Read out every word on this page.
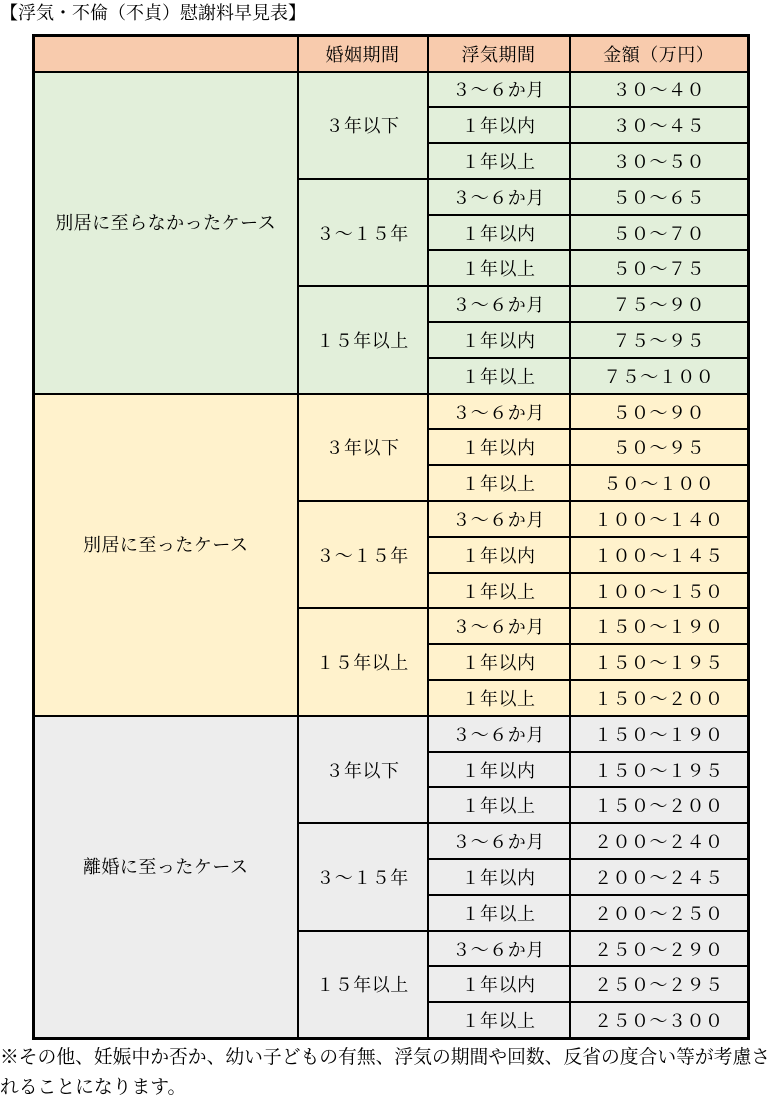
【浮気・不倫（不貞）慰謝料早見表】
	婚姻期間	浮気期間	金額（万円）
別居に至らなかったケース	３年以下	３～６か月	３０～４０
		１年以内	３０～４５
		１年以上	３０～５０
	３～１５年	３～６か月	５０～６５
		１年以内	５０～７０
		１年以上	５０～７５
	１５年以上	３～６か月	７５～９０
		１年以内	７５～９５
		１年以上	７５～１００
別居に至ったケース	３年以下	３～６か月	５０～９０
		１年以内	５０～９５
		１年以上	５０～１００
	３～１５年	３～６か月	１００～１４０
		１年以内	１００～１４５
		１年以上	１００～１５０
	１５年以上	３～６か月	１５０～１９０
		１年以内	１５０～１９５
		１年以上	１５０～２００
離婚に至ったケース	３年以下	３～６か月	１５０～１９０
		１年以内	１５０～１９５
		１年以上	１５０～２００
	３～１５年	３～６か月	２００～２４０
		１年以内	２００～２４５
		１年以上	２００～２５０
	１５年以上	３～６か月	２５０～２９０
		１年以内	２５０～２９５
		１年以上	２５０～３００
※その他、妊娠中か否か、幼い子どもの有無、浮気の期間や回数、反省の度合い等が考慮されることになります。
